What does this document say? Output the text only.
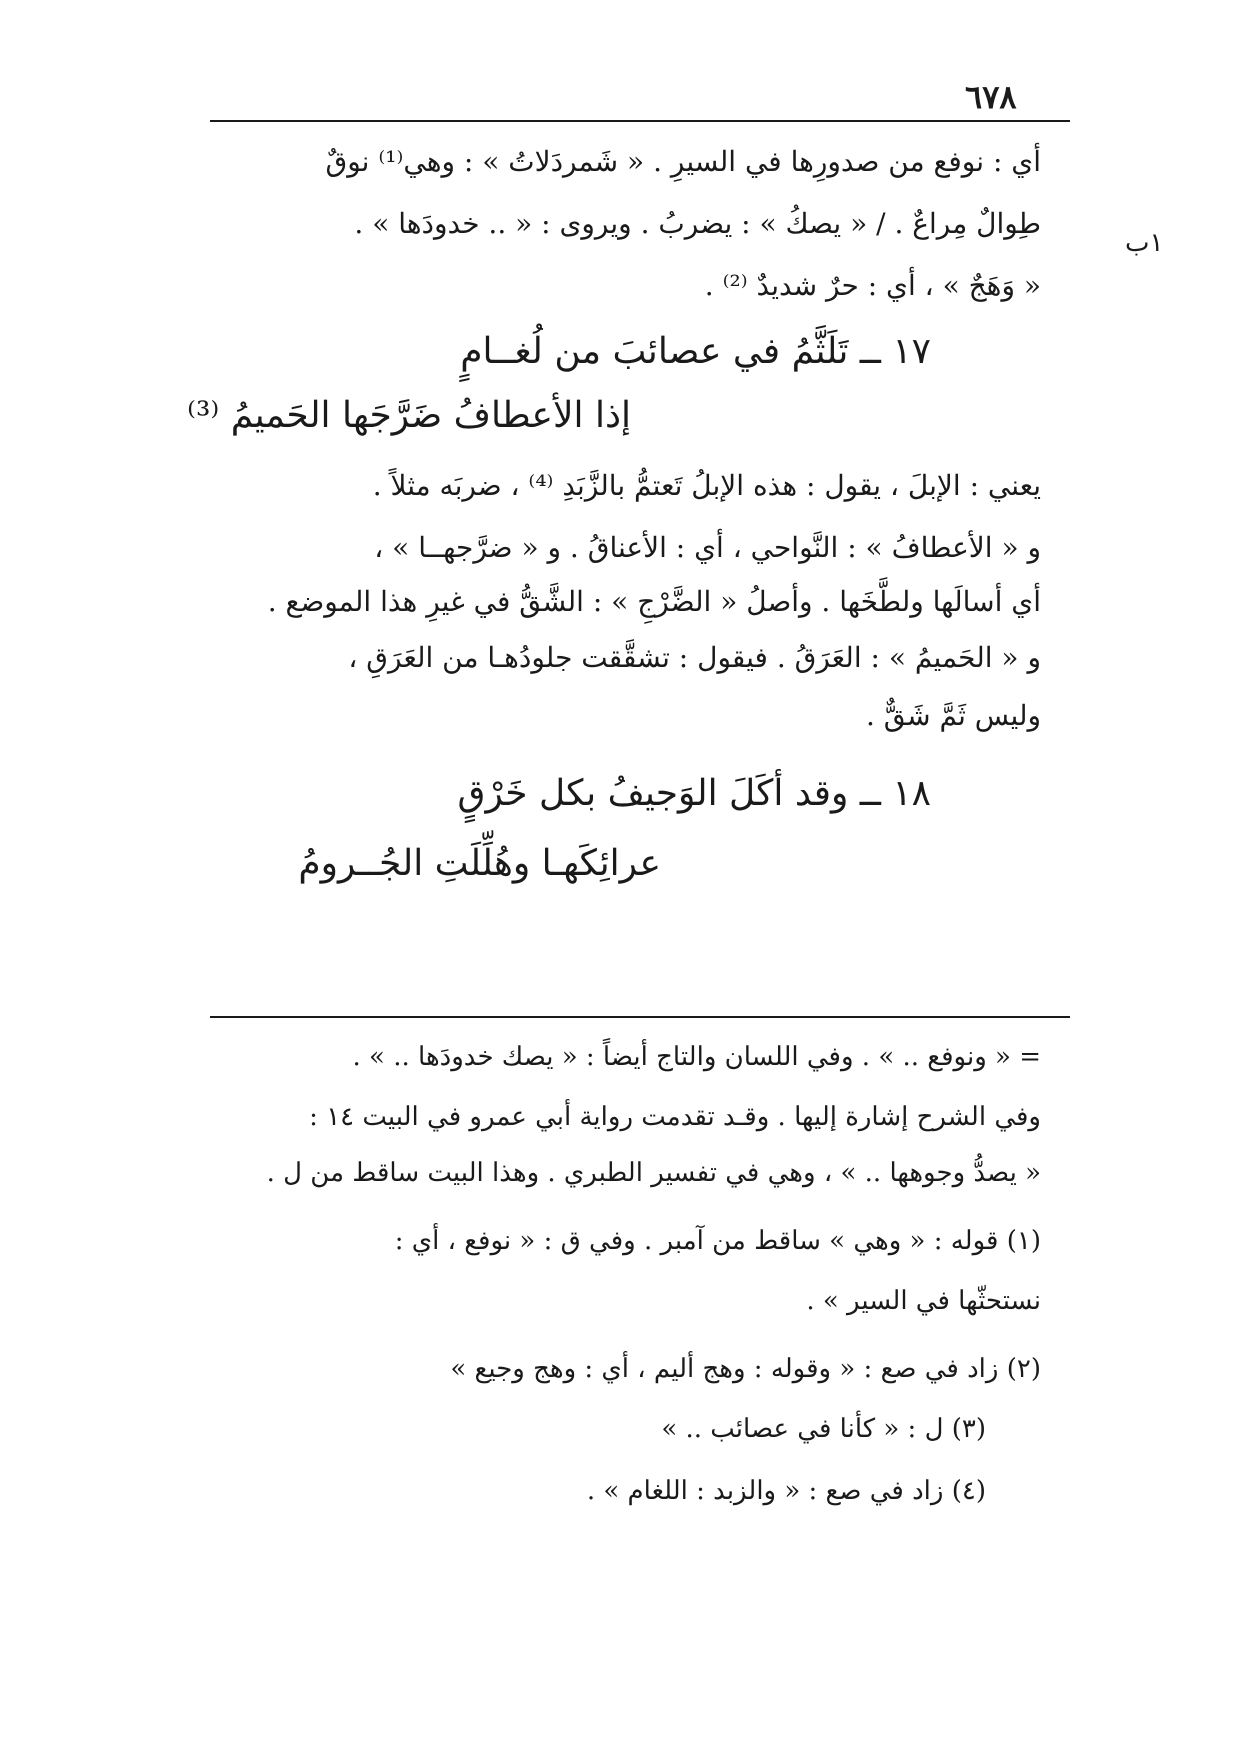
٦٧٨
١ب
أي : نوفع من صدورِها في السيرِ . « شَمردَلاتُ » : وهي⁽¹⁾ نوقٌ
طِوالٌ مِراعٌ . / « يصكُ » : يضربُ . ويروى : « .. خدودَها » .
« وَهَجٌ » ، أي : حرٌ شديدٌ ⁽²⁾ .
١٧ ــ تَلَثَّمُ في عصائبَ من لُغــامٍ
إذا الأعطافُ ضَرَّجَها الحَميمُ ⁽³⁾
يعني : الإبلَ ، يقول : هذه الإبلُ تَعتمُّ بالزَّبَدِ ⁽⁴⁾ ، ضربَه مثلاً .
و « الأعطافُ » : النَّواحي ، أي : الأعناقُ . و « ضرَّجهــا » ،
أي أسالَها ولطَّخَها . وأصلُ « الضَّرْجِ » : الشَّقُّ في غيرِ هذا الموضع .
و « الحَميمُ » : العَرَقُ . فيقول : تشقَّقت جلودُهـا من العَرَقِ ،
وليس ثَمَّ شَقٌّ .
١٨ ــ وقد أكَلَ الوَجيفُ بكل خَرْقٍ
عرائِكَهـا وهُلِّلَتِ الجُــرومُ
= « ونوفع .. » . وفي اللسان والتاج أيضاً : « يصك خدودَها .. » .
وفي الشرح إشارة إليها . وقـد تقدمت رواية أبي عمرو في البيت ١٤ :
« يصدُّ وجوهها .. » ، وهي في تفسير الطبري . وهذا البيت ساقط من ل .
(١) قوله : « وهي » ساقط من آمبر . وفي ق : « نوفع ، أي :
نستحثّها في السير » .
(٢) زاد في صع : « وقوله : وهج أليم ، أي : وهج وجيع »
(٣) ل : « كأنا في عصائب .. »
(٤) زاد في صع : « والزبد : اللغام » .
